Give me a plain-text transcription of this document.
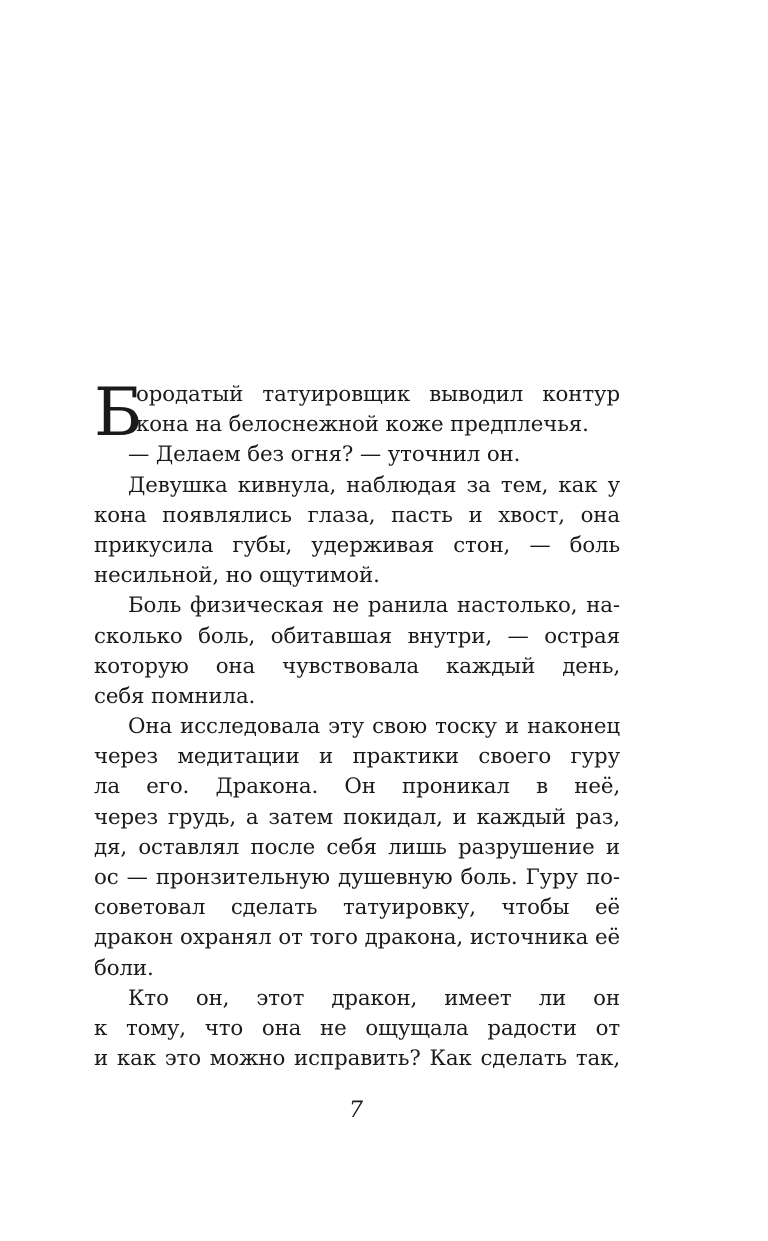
Б
ородатый татуировщик выводил контур
кона на белоснежной коже предплечья.
— Делаем без огня? — уточнил он.
Девушка кивнула, наблюдая за тем, как у
кона появлялись глаза, пасть и хвост, она
прикусила губы, удерживая стон, — боль
несильной, но ощутимой.
Боль физическая не ранила настолько, на-
сколько боль, обитавшая внутри, — острая
которую она чувствовала каждый день,
себя помнила.
Она исследовала эту свою тоску и наконец
через медитации и практики своего гуру
ла его. Дракона. Он проникал в неё,
через грудь, а затем покидал, и каждый раз,
дя, оставлял после себя лишь разрушение и
ос — пронзительную душевную боль. Гуру по-
советовал сделать татуировку, чтобы её
дракон охранял от того дракона, источника её
боли.
Кто он, этот дракон, имеет ли он
к тому, что она не ощущала радости от
и как это можно исправить? Как сделать так,
7
